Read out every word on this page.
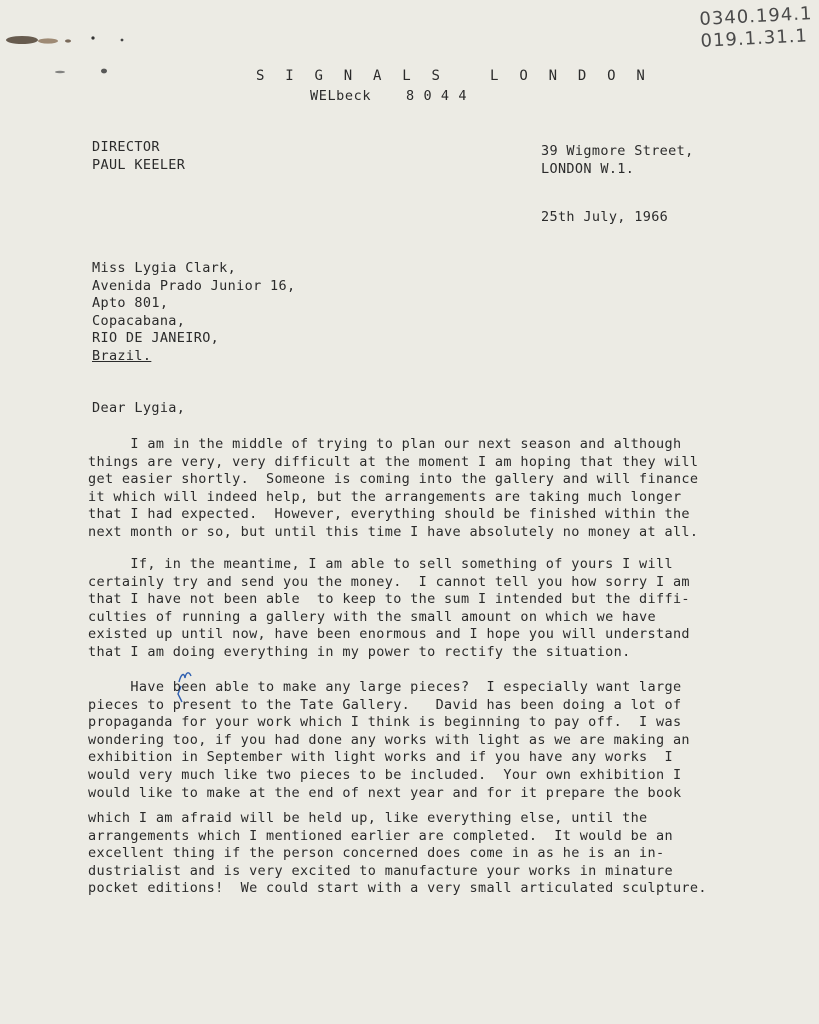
0340.194.1
019.1.31.1
S I G N A L S   L O N D O N
WELbeck    8 0 4 4
DIRECTOR
PAUL KEELER
39 Wigmore Street,
LONDON W.1.
25th July, 1966
Miss Lygia Clark,
Avenida Prado Junior 16,
Apto 801,
Copacabana,
RIO DE JANEIRO,
Brazil.
Dear Lygia,
I am in the middle of trying to plan our next season and although
things are very, very difficult at the moment I am hoping that they will
get easier shortly.  Someone is coming into the gallery and will finance
it which will indeed help, but the arrangements are taking much longer
that I had expected.  However, everything should be finished within the
next month or so, but until this time I have absolutely no money at all.
If, in the meantime, I am able to sell something of yours I will
certainly try and send you the money.  I cannot tell you how sorry I am
that I have not been able  to keep to the sum I intended but the diffi-
culties of running a gallery with the small amount on which we have
existed up until now, have been enormous and I hope you will understand
that I am doing everything in my power to rectify the situation.
Have been able to make any large pieces?  I especially want large
pieces to present to the Tate Gallery.   David has been doing a lot of
propaganda for your work which I think is beginning to pay off.  I was
wondering too, if you had done any works with light as we are making an
exhibition in September with light works and if you have any works  I
would very much like two pieces to be included.  Your own exhibition I
would like to make at the end of next year and for it prepare the book
which I am afraid will be held up, like everything else, until the
arrangements which I mentioned earlier are completed.  It would be an
excellent thing if the person concerned does come in as he is an in-
dustrialist and is very excited to manufacture your works in minature
pocket editions!  We could start with a very small articulated sculpture.
